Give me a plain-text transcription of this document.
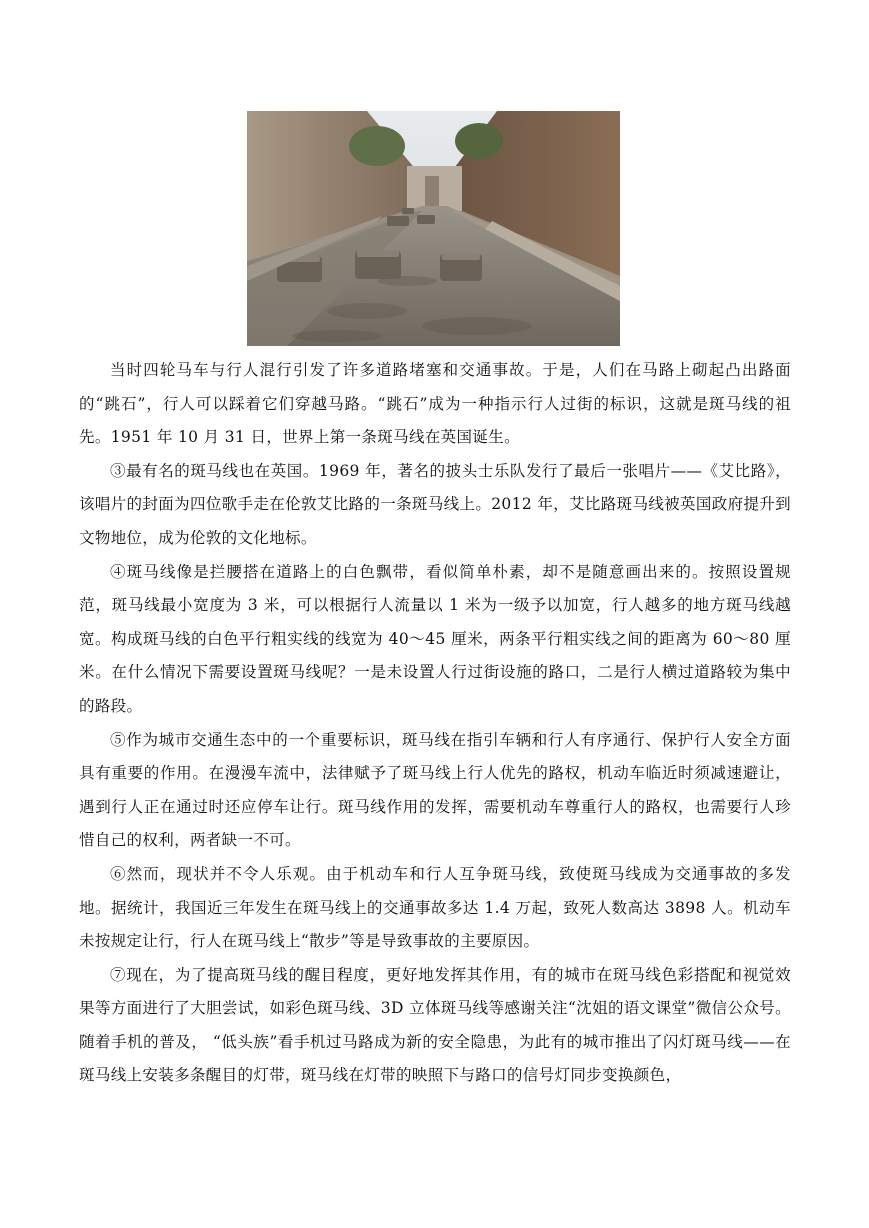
当时四轮马车与行人混行引发了许多道路堵塞和交通事故。于是，人们在马路上砌起凸出路面的“跳石”，行人可以踩着它们穿越马路。“跳石”成为一种指示行人过街的标识，这就是斑马线的祖先。1951 年 10 月 31 日，世界上第一条斑马线在英国诞生。

③最有名的斑马线也在英国。1969 年，著名的披头士乐队发行了最后一张唱片——《艾比路》，该唱片的封面为四位歌手走在伦敦艾比路的一条斑马线上。2012 年，艾比路斑马线被英国政府提升到文物地位，成为伦敦的文化地标。

④斑马线像是拦腰搭在道路上的白色飘带，看似简单朴素，却不是随意画出来的。按照设置规范，斑马线最小宽度为 3 米，可以根据行人流量以 1 米为一级予以加宽，行人越多的地方斑马线越宽。构成斑马线的白色平行粗实线的线宽为 40～45 厘米，两条平行粗实线之间的距离为 60～80 厘米。在什么情况下需要设置斑马线呢？一是未设置人行过街设施的路口，二是行人横过道路较为集中的路段。

⑤作为城市交通生态中的一个重要标识，斑马线在指引车辆和行人有序通行、保护行人安全方面具有重要的作用。在漫漫车流中，法律赋予了斑马线上行人优先的路权，机动车临近时须减速避让，遇到行人正在通过时还应停车让行。斑马线作用的发挥，需要机动车尊重行人的路权，也需要行人珍惜自己的权利，两者缺一不可。

⑥然而，现状并不令人乐观。由于机动车和行人互争斑马线，致使斑马线成为交通事故的多发地。据统计，我国近三年发生在斑马线上的交通事故多达 1.4 万起，致死人数高达 3898 人。机动车未按规定让行，行人在斑马线上“散步”等是导致事故的主要原因。

⑦现在，为了提高斑马线的醒目程度，更好地发挥其作用，有的城市在斑马线色彩搭配和视觉效果等方面进行了大胆尝试，如彩色斑马线、3D 立体斑马线等感谢关注“沈姐的语文课堂”微信公众号。随着手机的普及， “低头族”看手机过马路成为新的安全隐患，为此有的城市推出了闪灯斑马线——在斑马线上安装多条醒目的灯带，斑马线在灯带的映照下与路口的信号灯同步变换颜色，
